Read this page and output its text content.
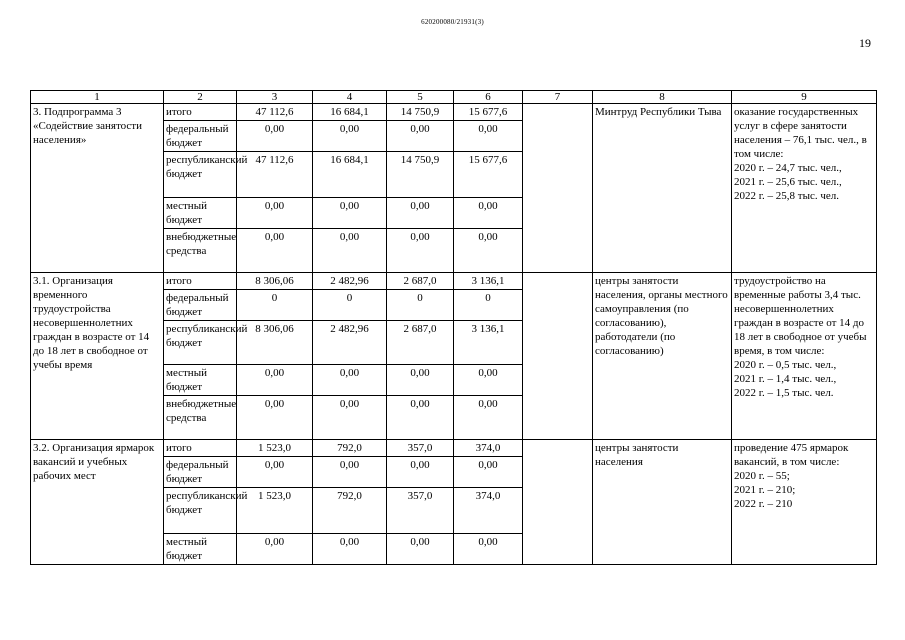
620200080/21931(3)
19
1	2	3	4	5	6	7	8	9
3. Подпрограмма 3 «Содействие занятости населения»	итого	47 112,6	16 684,1	14 750,9	15 677,6		Минтруд Республики Тыва	оказание государственных услуг в сфере занятости населения – 76,1 тыс. чел., в том числе:
2020 г. – 24,7 тыс. чел.,
2021 г. – 25,6 тыс. чел.,
2022 г. – 25,8 тыс. чел.
	федеральный бюджет	0,00	0,00	0,00	0,00			
	республиканский бюджет	47 112,6	16 684,1	14 750,9	15 677,6			
	местный бюджет	0,00	0,00	0,00	0,00			
	внебюджетные средства	0,00	0,00	0,00	0,00			
3.1. Организация временного трудоустройства несовершеннолетних граждан в возрасте от 14 до 18 лет в свободное от учебы время	итого	8 306,06	2 482,96	2 687,0	3 136,1		центры занятости населения, органы местного самоуправления (по согласованию), работодатели (по согласованию)	трудоустройство на временные работы 3,4 тыс. несовершеннолетних граждан в возрасте от 14 до 18 лет в свободное от учебы время, в том числе:
2020 г. – 0,5 тыс. чел.,
2021 г. – 1,4 тыс. чел.,
2022 г. – 1,5 тыс. чел.
	федеральный бюджет	0	0	0	0			
	республиканский бюджет	8 306,06	2 482,96	2 687,0	3 136,1			
	местный бюджет	0,00	0,00	0,00	0,00			
	внебюджетные средства	0,00	0,00	0,00	0,00			
3.2. Организация ярмарок вакансий и учебных рабочих мест	итого	1 523,0	792,0	357,0	374,0		центры занятости населения	проведение 475 ярмарок вакансий, в том числе:
2020 г. – 55;
2021 г. – 210;
2022 г. – 210
	федеральный бюджет	0,00	0,00	0,00	0,00			
	республиканский бюджет	1 523,0	792,0	357,0	374,0			
	местный бюджет	0,00	0,00	0,00	0,00			
